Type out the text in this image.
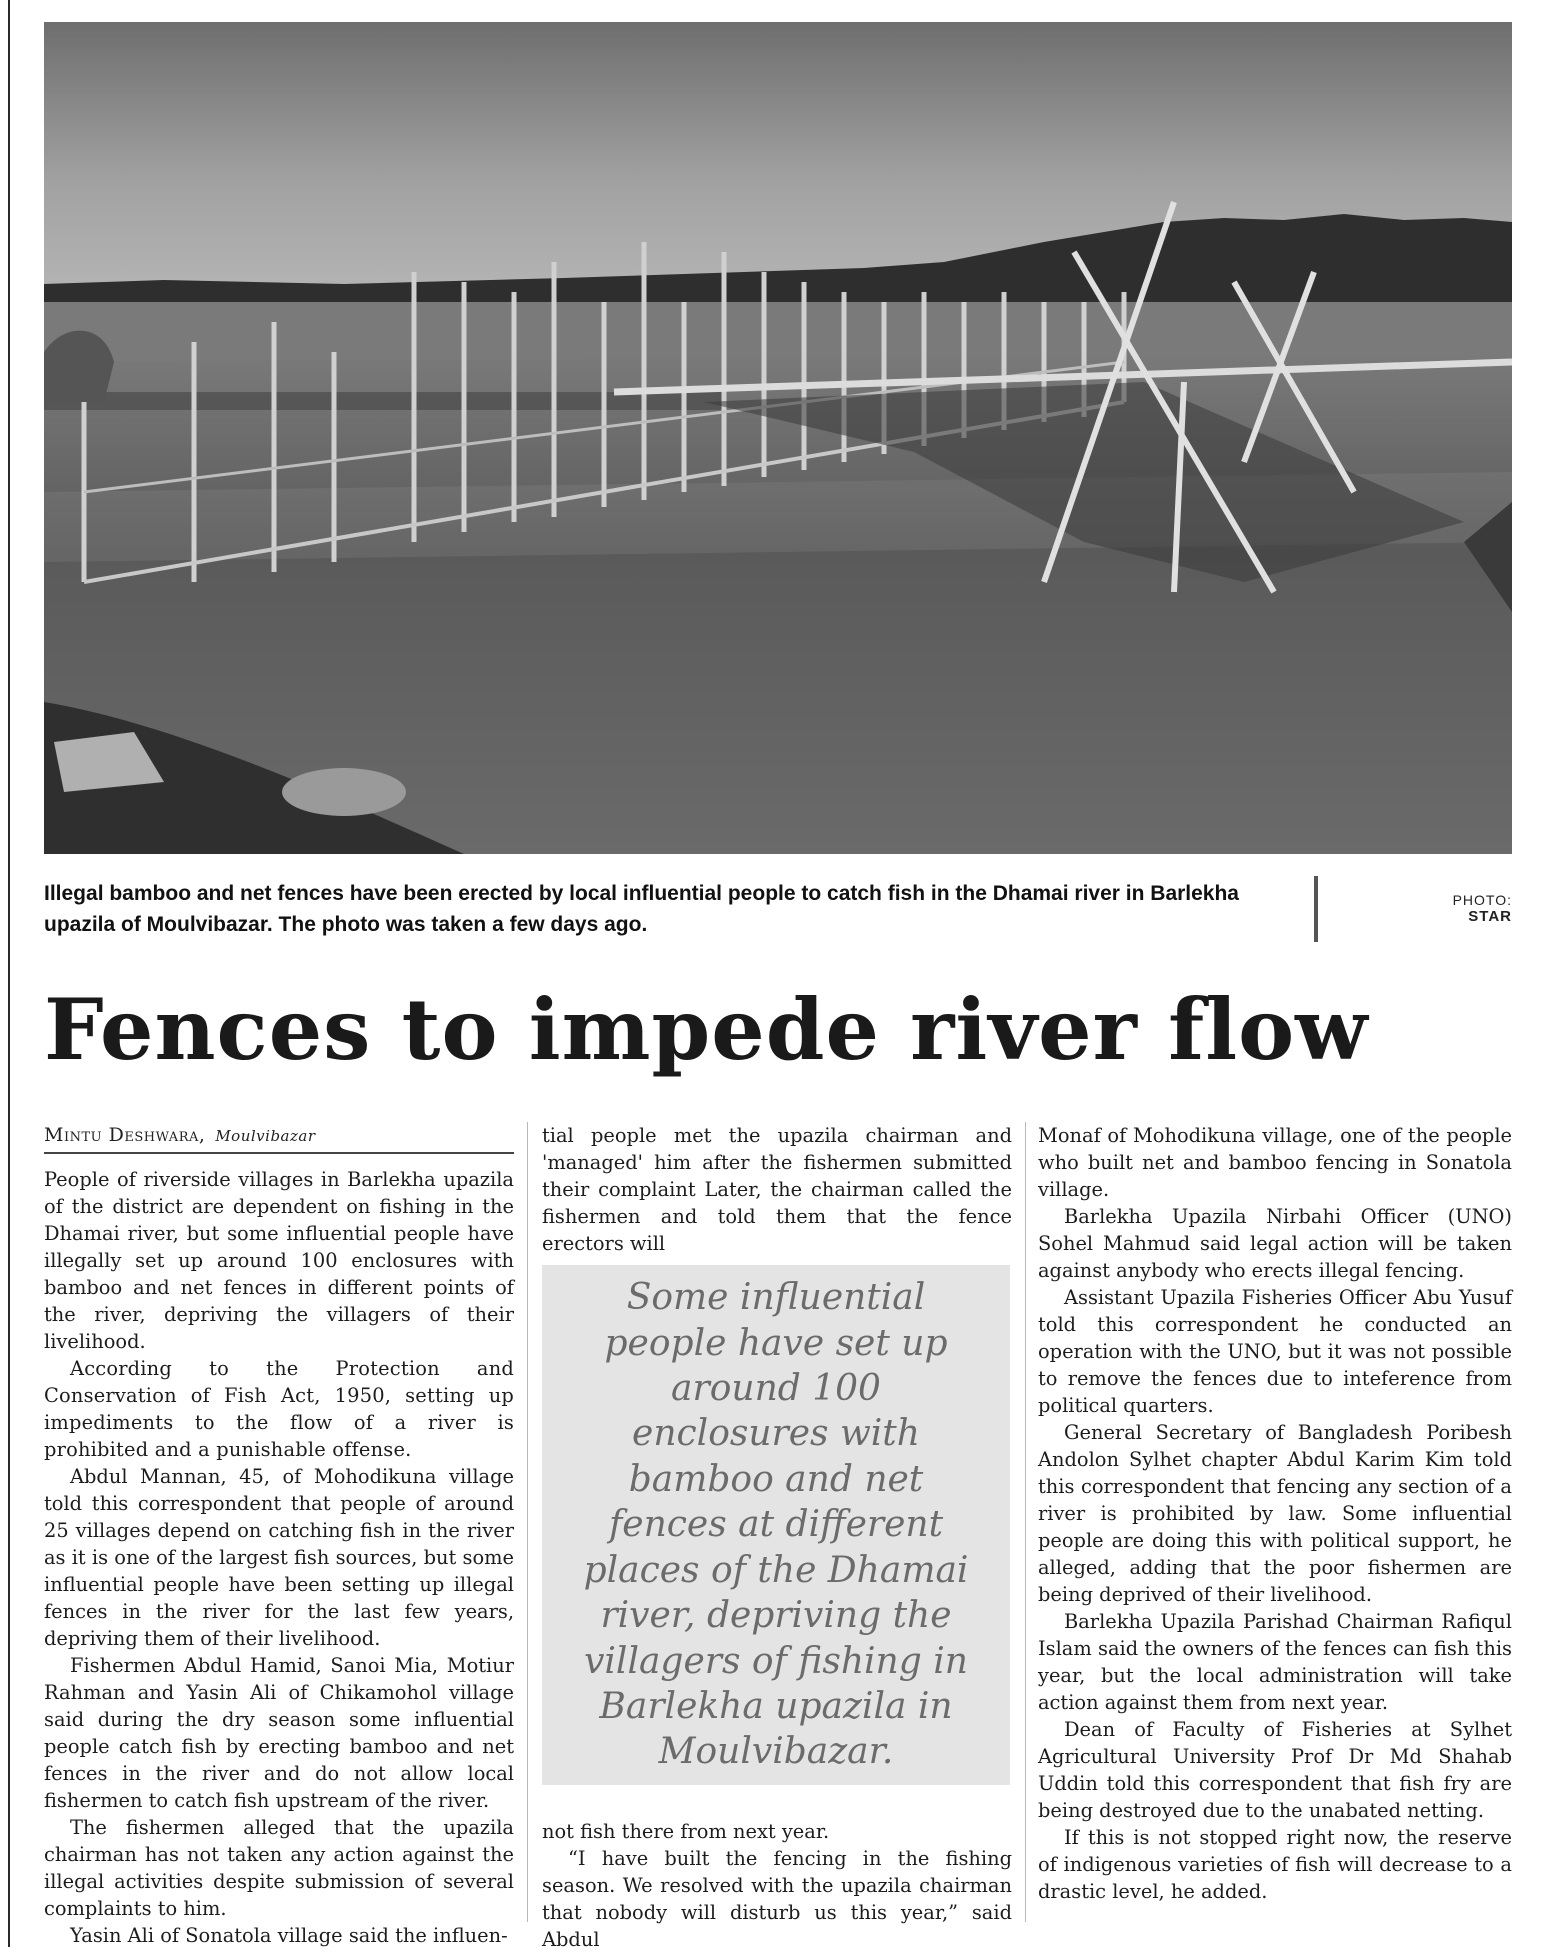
Illegal bamboo and net fences have been erected by local influential people to catch fish in the Dhamai river in Barlekha upazila of Moulvibazar. The photo was taken a few days ago.
PHOTO:
STAR
Fences to impede river flow
Mintu Deshwara, Moulvibazar

People of riverside villages in Barlekha upazila of the district are dependent on fishing in the Dhamai river, but some influential people have illegally set up around 100 enclosures with bamboo and net fences in different points of the river, depriving the villagers of their livelihood.

According to the Protection and Conservation of Fish Act, 1950, setting up impediments to the flow of a river is prohibited and a punishable offense.

Abdul Mannan, 45, of Mohodikuna village told this correspondent that people of around 25 villages depend on catching fish in the river as it is one of the largest fish sources, but some influential people have been setting up illegal fences in the river for the last few years, depriving them of their livelihood.

Fishermen Abdul Hamid, Sanoi Mia, Motiur Rahman and Yasin Ali of Chikamohol village said during the dry season some influential people catch fish by erecting bamboo and net fences in the river and do not allow local fishermen to catch fish upstream of the river.

The fishermen alleged that the upazila chairman has not taken any action against the illegal activities despite submission of several complaints to him.

Yasin Ali of Sonatola village said the influen-

tial people met the upazila chairman and 'managed' him after the fishermen submitted their complaint Later, the chairman called the fishermen and told them that the fence erectors will

Some influential people have set up around 100 enclosures with bamboo and net fences at different places of the Dhamai river, depriving the villagers of fishing in Barlekha upazila in Moulvibazar.

not fish there from next year.

“I have built the fencing in the fishing season. We resolved with the upazila chairman that nobody will disturb us this year,” said Abdul

Monaf of Mohodikuna village, one of the people who built net and bamboo fencing in Sonatola village.

Barlekha Upazila Nirbahi Officer (UNO) Sohel Mahmud said legal action will be taken against anybody who erects illegal fencing.

Assistant Upazila Fisheries Officer Abu Yusuf told this correspondent he conducted an operation with the UNO, but it was not possible to remove the fences due to inteference from political quarters.

General Secretary of Bangladesh Poribesh Andolon Sylhet chapter Abdul Karim Kim told this correspondent that fencing any section of a river is prohibited by law. Some influential people are doing this with political support, he alleged, adding that the poor fishermen are being deprived of their livelihood.

Barlekha Upazila Parishad Chairman Rafiqul Islam said the owners of the fences can fish this year, but the local administration will take action against them from next year.

Dean of Faculty of Fisheries at Sylhet Agricultural University Prof Dr Md Shahab Uddin told this correspondent that fish fry are being destroyed due to the unabated netting.

If this is not stopped right now, the reserve of indigenous varieties of fish will decrease to a drastic level, he added.
